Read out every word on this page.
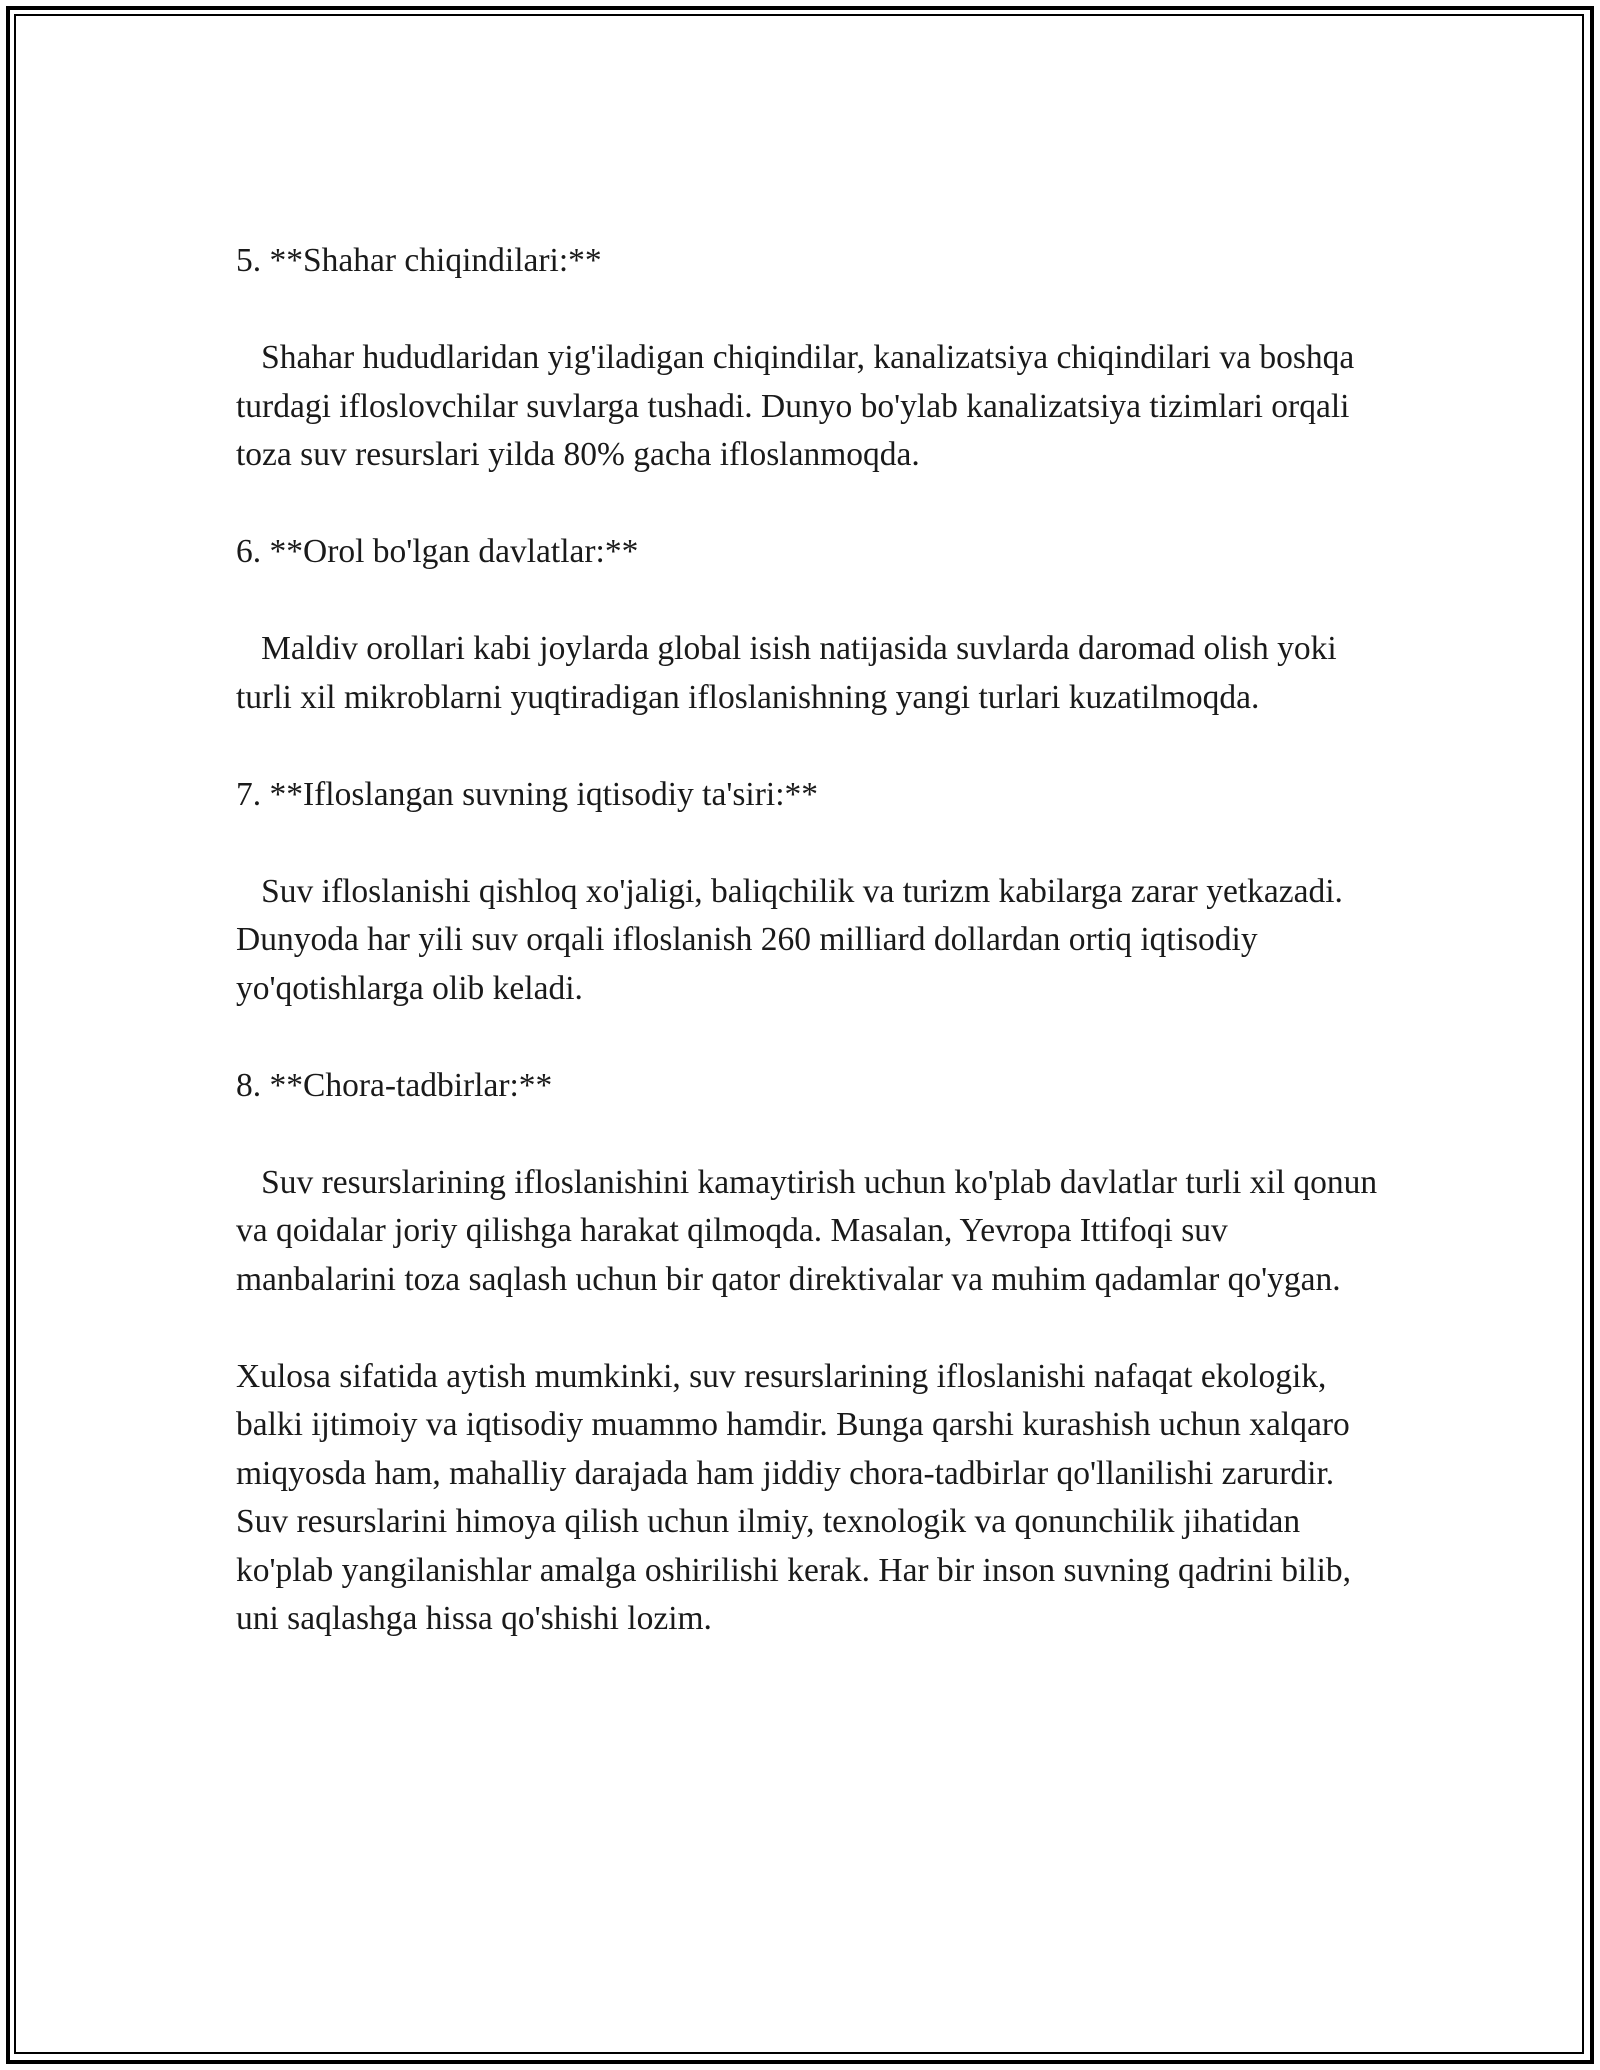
5. **Shahar chiqindilari:**

Shahar hududlaridan yig'iladigan chiqindilar, kanalizatsiya chiqindilari va boshqa turdagi ifloslovchilar suvlarga tushadi. Dunyo bo'ylab kanalizatsiya tizimlari orqali toza suv resurslari yilda 80% gacha ifloslanmoqda.

6. **Orol bo'lgan davlatlar:**

Maldiv orollari kabi joylarda global isish natijasida suvlarda daromad olish yoki turli xil mikroblarni yuqtiradigan ifloslanishning yangi turlari kuzatilmoqda.

7. **Ifloslangan suvning iqtisodiy ta'siri:**

Suv ifloslanishi qishloq xo'jaligi, baliqchilik va turizm kabilarga zarar yetkazadi. Dunyoda har yili suv orqali ifloslanish 260 milliard dollardan ortiq iqtisodiy yo'qotishlarga olib keladi.

8. **Chora-tadbirlar:**

Suv resurslarining ifloslanishini kamaytirish uchun ko'plab davlatlar turli xil qonun va qoidalar joriy qilishga harakat qilmoqda. Masalan, Yevropa Ittifoqi suv manbalarini toza saqlash uchun bir qator direktivalar va muhim qadamlar qo'ygan.

Xulosa sifatida aytish mumkinki, suv resurslarining ifloslanishi nafaqat ekologik, balki ijtimoiy va iqtisodiy muammo hamdir. Bunga qarshi kurashish uchun xalqaro miqyosda ham, mahalliy darajada ham jiddiy chora-tadbirlar qo'llanilishi zarurdir. Suv resurslarini himoya qilish uchun ilmiy, texnologik va qonunchilik jihatidan ko'plab yangilanishlar amalga oshirilishi kerak. Har bir inson suvning qadrini bilib, uni saqlashga hissa qo'shishi lozim.
